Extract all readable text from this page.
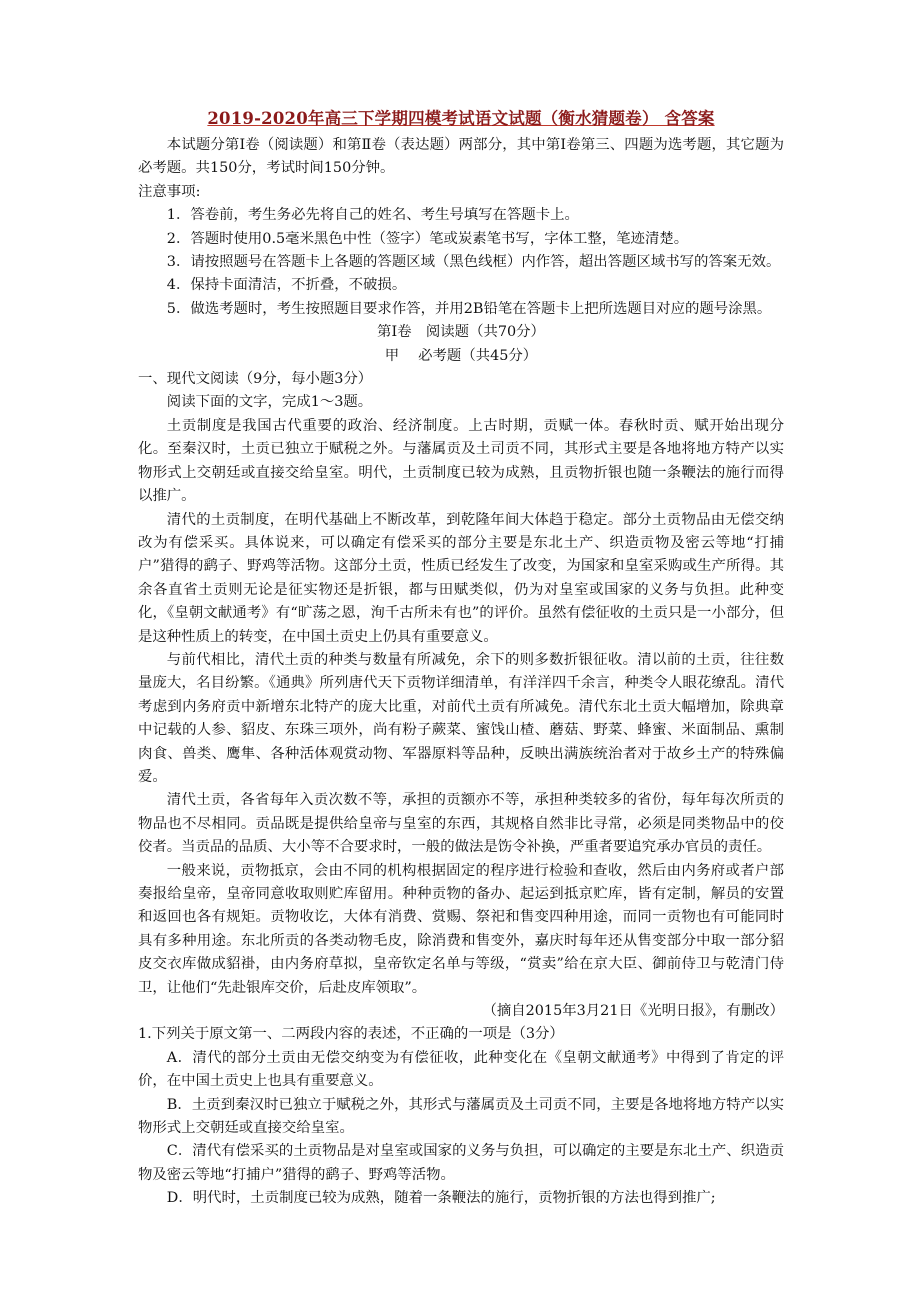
2019-2020年高三下学期四模考试语文试题（衡水猜题卷） 含答案

本试题分第Ⅰ卷（阅读题）和第Ⅱ卷（表达题）两部分，其中第Ⅰ卷第三、四题为选考题，其它题为必考题。共150分，考试时间150分钟。

注意事项:

1．答卷前，考生务必先将自己的姓名、考生号填写在答题卡上。

2．答题时使用0.5毫米黑色中性（签字）笔或炭素笔书写，字体工整，笔迹清楚。

3．请按照题号在答题卡上各题的答题区域（黑色线框）内作答，超出答题区域书写的答案无效。

4．保持卡面清洁，不折叠，不破损。

5．做选考题时，考生按照题目要求作答，并用2B铅笔在答题卡上把所选题目对应的题号涂黑。

第Ⅰ卷　阅读题（共70分）

甲　 必考题（共45分）

一、现代文阅读（9分，每小题3分）

阅读下面的文字，完成1～3题。

土贡制度是我国古代重要的政治、经济制度。上古时期，贡赋一体。春秋时贡、赋开始出现分化。至秦汉时，土贡已独立于赋税之外。与藩属贡及土司贡不同，其形式主要是各地将地方特产以实物形式上交朝廷或直接交给皇室。明代，土贡制度已较为成熟，且贡物折银也随一条鞭法的施行而得以推广。

清代的土贡制度，在明代基础上不断改革，到乾隆年间大体趋于稳定。部分土贡物品由无偿交纳改为有偿采买。具体说来，可以确定有偿采买的部分主要是东北土产、织造贡物及密云等地“打捕户”猎得的鹞子、野鸡等活物。这部分土贡，性质已经发生了改变，为国家和皇室采购或生产所得。其余各直省土贡则无论是征实物还是折银，都与田赋类似，仍为对皇室或国家的义务与负担。此种变化，《皇朝文献通考》有“旷荡之恩，洵千古所未有也”的评价。虽然有偿征收的土贡只是一小部分，但是这种性质上的转变，在中国土贡史上仍具有重要意义。

与前代相比，清代土贡的种类与数量有所减免，余下的则多数折银征收。清以前的土贡，往往数量庞大，名目纷繁。《通典》所列唐代天下贡物详细清单，有洋洋四千余言，种类令人眼花缭乱。清代考虑到内务府贡中新增东北特产的庞大比重，对前代土贡有所减免。清代东北土贡大幅增加，除典章中记载的人参、貂皮、东珠三项外，尚有粉子蕨菜、蜜饯山楂、蘑菇、野菜、蜂蜜、米面制品、熏制肉食、兽类、鹰隼、各种活体观赏动物、军器原料等品种，反映出满族统治者对于故乡土产的特殊偏爱。

清代土贡，各省每年入贡次数不等，承担的贡额亦不等，承担种类较多的省份，每年每次所贡的物品也不尽相同。贡品既是提供给皇帝与皇室的东西，其规格自然非比寻常，必须是同类物品中的佼佼者。当贡品的品质、大小等不合要求时，一般的做法是饬令补换，严重者要追究承办官员的责任。

一般来说，贡物抵京，会由不同的机构根据固定的程序进行检验和查收，然后由内务府或者户部奏报给皇帝，皇帝同意收取则贮库留用。种种贡物的备办、起运到抵京贮库，皆有定制，解员的安置和返回也各有规矩。贡物收讫，大体有消费、赏赐、祭祀和售变四种用途，而同一贡物也有可能同时具有多种用途。东北所贡的各类动物毛皮，除消费和售变外，嘉庆时每年还从售变部分中取一部分貂皮交衣库做成貂褂，由内务府草拟，皇帝钦定名单与等级，“赏卖”给在京大臣、御前侍卫与乾清门侍卫，让他们“先赴银库交价，后赴皮库领取”。

（摘自2015年3月21日《光明日报》，有删改）

1.下列关于原文第一、二两段内容的表述，不正确的一项是（3分）

A．清代的部分土贡由无偿交纳变为有偿征收，此种变化在《皇朝文献通考》中得到了肯定的评价，在中国土贡史上也具有重要意义。

B．土贡到秦汉时已独立于赋税之外，其形式与藩属贡及土司贡不同，主要是各地将地方特产以实物形式上交朝廷或直接交给皇室。

C．清代有偿采买的土贡物品是对皇室或国家的义务与负担，可以确定的主要是东北土产、织造贡物及密云等地“打捕户”猎得的鹞子、野鸡等活物。

D．明代时，土贡制度已较为成熟，随着一条鞭法的施行，贡物折银的方法也得到推广;
